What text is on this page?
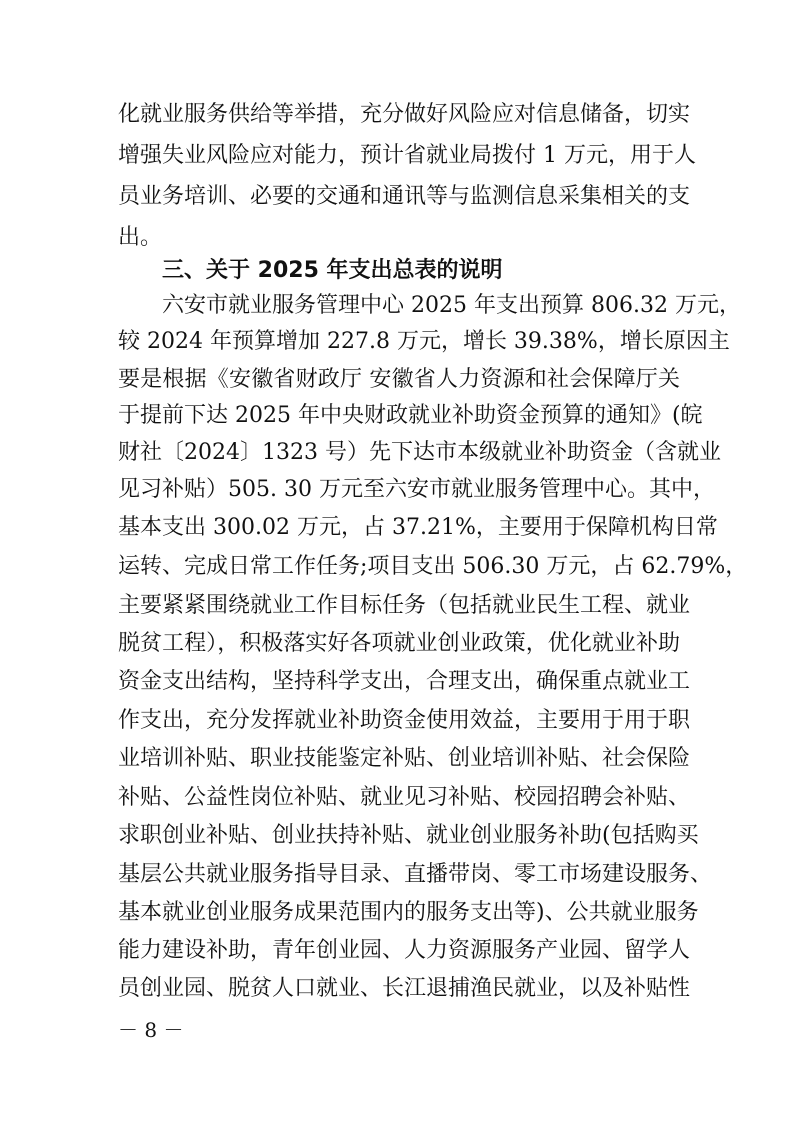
化就业服务供给等举措，充分做好风险应对信息储备，切实
增强失业风险应对能力，预计省就业局拨付 1 万元，用于人
员业务培训、必要的交通和通讯等与监测信息采集相关的支
出。
三、关于 2025 年支出总表的说明
六安市就业服务管理中心 2025 年支出预算 806.32 万元，
较 2024 年预算增加 227.8 万元，增长 39.38%，增长原因主
要是根据《安徽省财政厅 安徽省人力资源和社会保障厅关
于提前下达 2025 年中央财政就业补助资金预算的通知》(皖
财社〔2024〕1323 号）先下达市本级就业补助资金（含就业
见习补贴）505. 30 万元至六安市就业服务管理中心。其中，
基本支出 300.02 万元，占 37.21%，主要用于保障机构日常
运转、完成日常工作任务;项目支出 506.30 万元，占 62.79%，
主要紧紧围绕就业工作目标任务（包括就业民生工程、就业
脱贫工程），积极落实好各项就业创业政策，优化就业补助
资金支出结构，坚持科学支出，合理支出，确保重点就业工
作支出，充分发挥就业补助资金使用效益，主要用于用于职
业培训补贴、职业技能鉴定补贴、创业培训补贴、社会保险
补贴、公益性岗位补贴、就业见习补贴、校园招聘会补贴、
求职创业补贴、创业扶持补贴、就业创业服务补助(包括购买
基层公共就业服务指导目录、直播带岗、零工市场建设服务、
基本就业创业服务成果范围内的服务支出等)、公共就业服务
能力建设补助，青年创业园、人力资源服务产业园、留学人
员创业园、脱贫人口就业、长江退捕渔民就业，以及补贴性
－ 8 －
